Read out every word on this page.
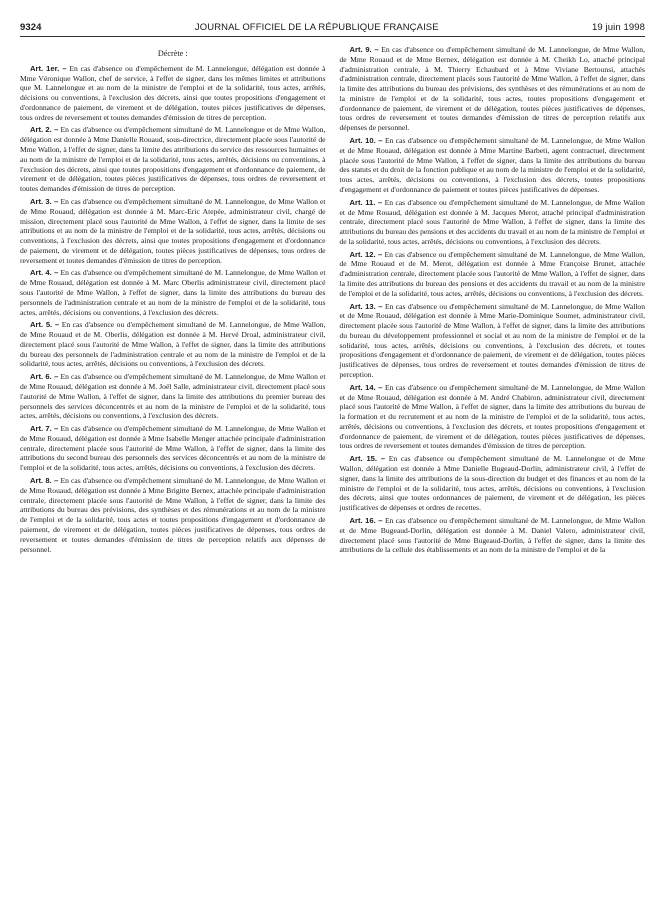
9324	JOURNAL OFFICIEL DE LA RÉPUBLIQUE FRANÇAISE	19 juin 1998
Décrète :

Art. 1er. – En cas d'absence ou d'empêchement de M. Lannelongue, délégation est donnée à Mme Véronique Wallon, chef de service, à l'effet de signer, dans les mêmes limites et attributions que M. Lannelongue et au nom de la ministre de l'emploi et de la solidarité, tous actes, arrêtés, décisions ou conventions, à l'exclusion des décrets, ainsi que toutes propositions d'engagement et d'ordonnance de paiement, de virement et de délégation, toutes pièces justificatives de dépenses, tous ordres de reversement et toutes demandes d'émission de titres de perception.

Art. 2. – En cas d'absence ou d'empêchement simultané de M. Lannelongue et de Mme Wallon, délégation est donnée à Mme Danielle Rouaud, sous-directrice, directement placée sous l'autorité de Mme Wallon, à l'effet de signer, dans la limite des attributions du service des ressources humaines et au nom de la ministre de l'emploi et de la solidarité, tous actes, arrêtés, décisions ou conventions, à l'exclusion des décrets, ainsi que toutes propositions d'engagement et d'ordonnance de paiement, de virement et de délégation, toutes pièces justificatives de dépenses, tous ordres de reversement et toutes demandes d'émission de titres de perception.

Art. 3. – En cas d'absence ou d'empêchement simultané de M. Lannelongue, de Mme Wallon et de Mme Rouaud, délégation est donnée à M. Marc-Eric Atepée, administrateur civil, chargé de mission, directement placé sous l'autorité de Mme Wallon, à l'effet de signer, dans la limite de ses attributions et au nom de la ministre de l'emploi et de la solidarité, tous actes, arrêtés, décisions ou conventions, à l'exclusion des décrets, ainsi que toutes propositions d'engagement et d'ordonnance de paiement, de virement et de délégation, toutes pièces justificatives de dépenses, tous ordres de reversement et toutes demandes d'émission de titres de perception.

Art. 4. – En cas d'absence ou d'empêchement simultané de M. Lannelongue, de Mme Wallon et de Mme Rouaud, délégation est donnée à M. Marc Oberlis administrateur civil, directement placé sous l'autorité de Mme Wallon, à l'effet de signer, dans la limite des attributions du bureau des personnels de l'administration centrale et au nom de la ministre de l'emploi et de la solidarité, tous actes, arrêtés, décisions ou conventions, à l'exclusion des décrets.

Art. 5. – En cas d'absence ou d'empêchement simultané de M. Lannelongue, de Mme Wallon, de Mme Rouaud et de M. Oberlis, délégation est donnée à M. Hervé Droal, administrateur civil, directement placé sous l'autorité de Mme Wallon, à l'effet de signer, dans la limite des attributions du bureau des personnels de l'administration centrale et au nom de la ministre de l'emploi et de la solidarité, tous actes, arrêtés, décisions ou conventions, à l'exclusion des décrets.

Art. 6. – En cas d'absence ou d'empêchement simultané de M. Lannelongue, de Mme Wallon et de Mme Rouaud, délégation est donnée à M. Joël Salle, administrateur civil, directement placé sous l'autorité de Mme Wallon, à l'effet de signer, dans la limite des attributions du premier bureau des personnels des services déconcentrés et au nom de la ministre de l'emploi et de la solidarité, tous actes, arrêtés, décisions ou conventions, à l'exclusion des décrets.

Art. 7. – En cas d'absence ou d'empêchement simultané de M. Lannelongue, de Mme Wallon et de Mme Rouaud, délégation est donnée à Mme Isabelle Menger attachée principale d'administration centrale, directement placée sous l'autorité de Mme Wallon, à l'effet de signer, dans la limite des attributions du second bureau des personnels des services déconcentrés et au nom de la ministre de l'emploi et de la solidarité, tous actes, arrêtés, décisions ou conventions, à l'exclusion des décrets.

Art. 8. – En cas d'absence ou d'empêchement simultané de M. Lannelongue, de Mme Wallon et de Mme Rouaud, délégation est donnée à Mme Brigitte Bernex, attachée principale d'administration centrale, directement placée sous l'autorité de Mme Wallon, à l'effet de signer, dans la limite des attributions du bureau des prévisions, des synthèses et des rémunérations et au nom de la ministre de l'emploi et de la solidarité, tous actes et toutes propositions d'engagement et d'ordonnance de paiement, de virement et de délégation, toutes pièces justificatives de dépenses, tous ordres de reversement et toutes demandes d'émission de titres de perception relatifs aux dépenses de personnel.

Art. 9. – En cas d'absence ou d'empêchement simultané de M. Lannelongue, de Mme Wallon, de Mme Rouaud et de Mme Bernex, délégation est donnée à M. Cheikh Lo, attaché principal d'administration centrale, à M. Thierry Echaubard et à Mme Viviane Bertounsi, attachés d'administration centrale, directement placés sous l'autorité de Mme Wallon, à l'effet de signer, dans la limite des attributions du bureau des prévisions, des synthèses et des rémunérations et au nom de la ministre de l'emploi et de la solidarité, tous actes, toutes propositions d'engagement et d'ordonnance de paiement, de virement et de délégation, toutes pièces justificatives de dépenses, tous ordres de reversement et toutes demandes d'émission de titres de perception relatifs aux dépenses de personnel.

Art. 10. – En cas d'absence ou d'empêchement simultané de M. Lannelongue, de Mme Wallon et de Mme Rouaud, délégation est donnée à Mme Martine Barbeti, agent contractuel, directement placée sous l'autorité de Mme Wallon, à l'effet de signer, dans la limite des attributions du bureau des statuts et du droit de la fonction publique et au nom de la ministre de l'emploi et de la solidarité, tous actes, arrêtés, décisions ou conventions, à l'exclusion des décrets, toutes propositions d'engagement et d'ordonnance de paiement et toutes pièces justificatives de dépenses.

Art. 11. – En cas d'absence ou d'empêchement simultané de M. Lannelongue, de Mme Wallon et de Mme Rouaud, délégation est donnée à M. Jacques Merot, attaché principal d'administration centrale, directement placé sous l'autorité de Mme Wallon, à l'effet de signer, dans la limite des attributions du bureau des pensions et des accidents du travail et au nom de la ministre de l'emploi et de la solidarité, tous actes, arrêtés, décisions ou conventions, à l'exclusion des décrets.

Art. 12. – En cas d'absence ou d'empêchement simultané de M. Lannelongue, de Mme Wallon, de Mme Rouaud et de M. Merot, délégation est donnée à Mme Françoise Brunet, attachée d'administration centrale, directement placée sous l'autorité de Mme Wallon, à l'effet de signer, dans la limite des attributions du bureau des pensions et des accidents du travail et au nom de la ministre de l'emploi et de la solidarité, tous actes, arrêtés, décisions ou conventions, à l'exclusion des décrets.

Art. 13. – En cas d'absence ou d'empêchement simultané de M. Lannelongue, de Mme Wallon et de Mme Rouaud, délégation est donnée à Mme Marie-Dominique Soumet, administrateur civil, directement placée sous l'autorité de Mme Wallon, à l'effet de signer, dans la limite des attributions du bureau du développement professionnel et social et au nom de la ministre de l'emploi et de la solidarité, tous actes, arrêtés, décisions ou conventions, à l'exclusion des décrets, et toutes propositions d'engagement et d'ordonnance de paiement, de virement et de délégation, toutes pièces justificatives de dépenses, tous ordres de reversement et toutes demandes d'émission de titres de perception.

Art. 14. – En cas d'absence ou d'empêchement simultané de M. Lannelongue, de Mme Wallon et de Mme Rouaud, délégation est donnée à M. André Chabiron, administrateur civil, directement placé sous l'autorité de Mme Wallon, à l'effet de signer, dans la limite des attributions du bureau de la formation et du recrutement et au nom de la ministre de l'emploi et de la solidarité, tous actes, arrêtés, décisions ou conventions, à l'exclusion des décrets, et toutes propositions d'engagement et d'ordonnance de paiement, de virement et de délégation, toutes pièces justificatives de dépenses, tous ordres de reversement et toutes demandes d'émission de titres de perception.

Art. 15. – En cas d'absence ou d'empêchement simultané de M. Lannelongue et de Mme Wallon, délégation est donnée à Mme Danielle Bugeaud-Dorlin, administrateur civil, à l'effet de signer, dans la limite des attributions de la sous-direction du budget et des finances et au nom de la ministre de l'emploi et de la solidarité, tous actes, arrêtés, décisions ou conventions, à l'exclusion des décrets, ainsi que toutes ordonnances de paiement, de virement et de délégation, les pièces justificatives de dépenses et ordres de recettes.

Art. 16. – En cas d'absence ou d'empêchement simultané de M. Lannelongue, de Mme Wallon et de Mme Bugeaud-Dorlin, délégation est donnée à M. Daniel Valero, administrateur civil, directement placé sous l'autorité de Mme Bugeaud-Dorlin, à l'effet de signer, dans la limite des attributions de la cellule des établissements et au nom de la ministre de l'emploi et de la
